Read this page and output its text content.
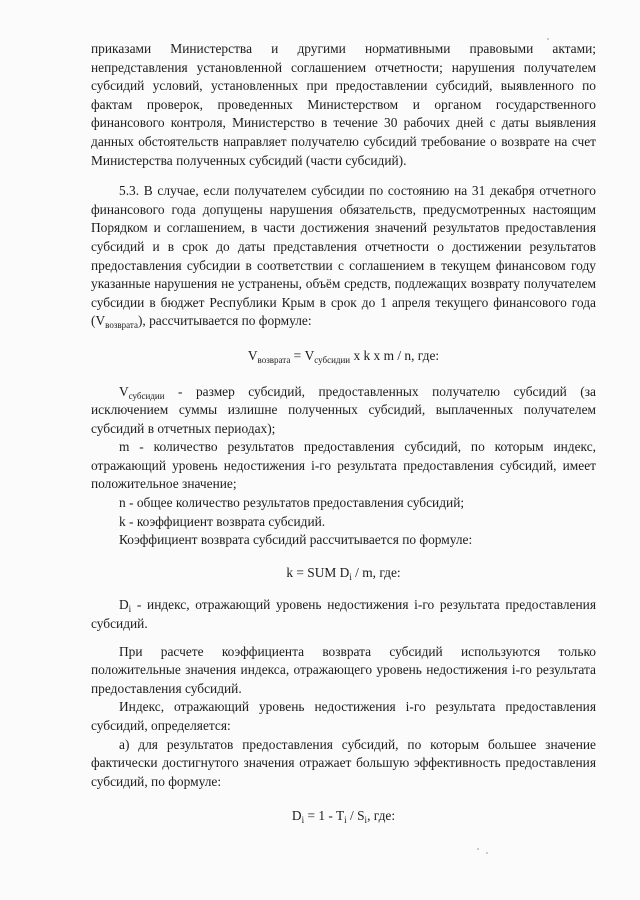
приказами Министерства и другими нормативными правовыми актами; непредставления установленной соглашением отчетности; нарушения получателем субсидий условий, установленных при предоставлении субсидий, выявленного по фактам проверок, проведенных Министерством и органом государственного финансового контроля, Министерство в течение 30 рабочих дней с даты выявления данных обстоятельств направляет получателю субсидий требование о возврате на счет Министерства полученных субсидий (части субсидий).

5.3. В случае, если получателем субсидии по состоянию на 31 декабря отчетного финансового года допущены нарушения обязательств, предусмотренных настоящим Порядком и соглашением, в части достижения значений результатов предоставления субсидий и в срок до даты представления отчетности о достижении результатов предоставления субсидии в соответствии с соглашением в текущем финансовом году указанные нарушения не устранены, объём средств, подлежащих возврату получателем субсидии в бюджет Республики Крым в срок до 1 апреля текущего финансового года $(V_{возврата})$, рассчитывается по формуле:

$V_{возврата} = V_{субсидии}$ x k x m / n, где:

$V_{субсидии}$ - размер субсидий, предоставленных получателю субсидий (за исключением суммы излишне полученных субсидий, выплаченных получателем субсидий в отчетных периодах);

m - количество результатов предоставления субсидий, по которым индекс, отражающий уровень недостижения i-го результата предоставления субсидий, имеет положительное значение;

n - общее количество результатов предоставления субсидий;

k - коэффициент возврата субсидий.

Коэффициент возврата субсидий рассчитывается по формуле:

k = SUM $D_i$ / m, где:

$D_i$ - индекс, отражающий уровень недостижения i-го результата предоставления субсидий.

При расчете коэффициента возврата субсидий используются только положительные значения индекса, отражающего уровень недостижения i-го результата предоставления субсидий.

Индекс, отражающий уровень недостижения i-го результата предоставления субсидий, определяется:

а) для результатов предоставления субсидий, по которым большее значение фактически достигнутого значения отражает большую эффективность предоставления субсидий, по формуле:

$D_i = 1 - T_i / S_i$, где:
